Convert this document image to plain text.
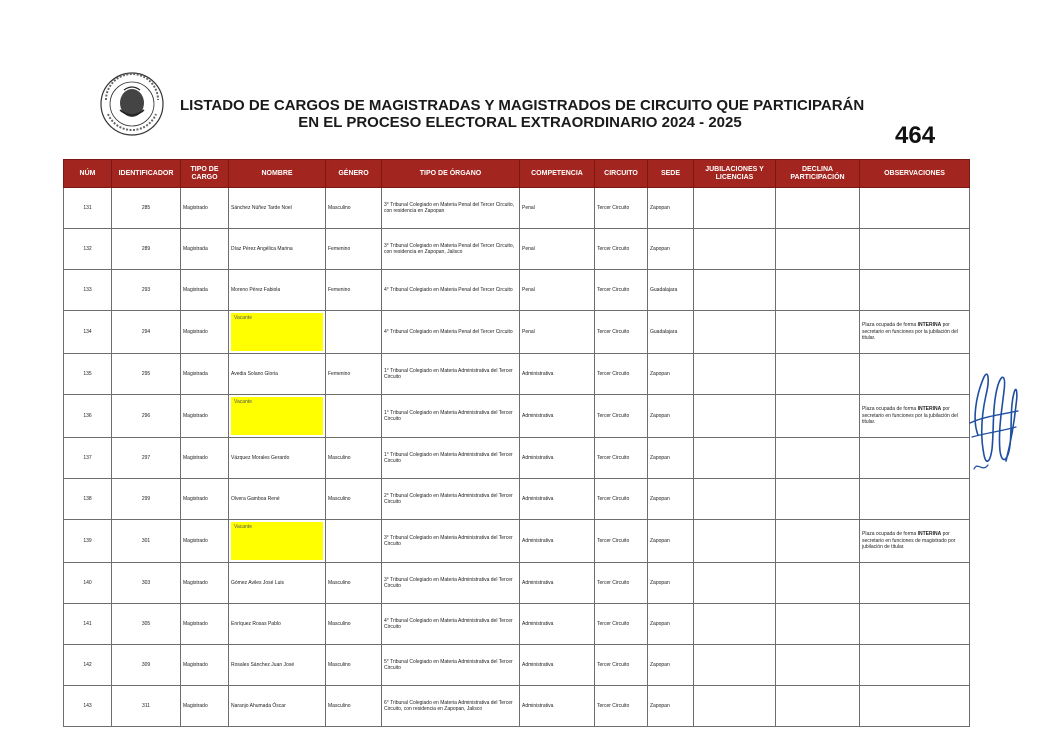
LISTADO DE CARGOS DE MAGISTRADAS Y MAGISTRADOS DE CIRCUITO QUE PARTICIPARÁN
EN EL PROCESO ELECTORAL EXTRAORDINARIO 2024 - 2025	464
NÚM	IDENTIFICADOR	TIPO DE CARGO	NOMBRE	GÉNERO	TIPO DE ÓRGANO	COMPETENCIA	CIRCUITO	SEDE	JUBILACIONES Y LICENCIAS	DECLINA PARTICIPACIÓN	OBSERVACIONES
131	285	Magistrado	Sánchez Núñez Tarde Noel	Masculino	3° Tribunal Colegiado en Materia Penal del Tercer Circuito, con residencia en Zapopan	Penal	Tercer Circuito	Zapopan			
132	289	Magistrada	Díaz Pérez Angélica Marina	Femenino	3° Tribunal Colegiado en Materia Penal del Tercer Circuito, con residencia en Zapopan, Jalisco	Penal	Tercer Circuito	Zapopan			
133	293	Magistrada	Moreno Pérez Fabiola	Femenino	4° Tribunal Colegiado en Materia Penal del Tercer Circuito	Penal	Tercer Circuito	Guadalajara			
134	294	Magistrado	Vacante		4° Tribunal Colegiado en Materia Penal del Tercer Circuito	Penal	Tercer Circuito	Guadalajara			Plaza ocupada de forma INTERINA por secretario en funciones por la jubilación del titular.
135	295	Magistrada	Avedia Solano Gloria	Femenino	1° Tribunal Colegiado en Materia Administrativa del Tercer Circuito	Administrativa	Tercer Circuito	Zapopan			
136	296	Magistrado	Vacante		1° Tribunal Colegiado en Materia Administrativa del Tercer Circuito	Administrativa	Tercer Circuito	Zapopan			Plaza ocupada de forma INTERINA por secretario en funciones por la jubilación del titular.
137	297	Magistrado	Vázquez Morales Gerardo	Masculino	1° Tribunal Colegiado en Materia Administrativa del Tercer Circuito	Administrativa	Tercer Circuito	Zapopan			
138	299	Magistrado	Olvera Gamboa René	Masculino	2° Tribunal Colegiado en Materia Administrativa del Tercer Circuito	Administrativa	Tercer Circuito	Zapopan			
139	301	Magistrado	Vacante		3° Tribunal Colegiado en Materia Administrativa del Tercer Circuito	Administrativa	Tercer Circuito	Zapopan			Plaza ocupada de forma INTERINA por secretario en funciones de magistrado por jubilación de titular.
140	303	Magistrado	Gómez Aviles José Luis	Masculino	3° Tribunal Colegiado en Materia Administrativa del Tercer Circuito	Administrativa	Tercer Circuito	Zapopan			
141	305	Magistrado	Enríquez Rosas Pablo	Masculino	4° Tribunal Colegiado en Materia Administrativa del Tercer Circuito	Administrativa	Tercer Circuito	Zapopan			
142	309	Magistrado	Rosales Sánchez Juan José	Masculino	5° Tribunal Colegiado en Materia Administrativa del Tercer Circuito	Administrativa	Tercer Circuito	Zapopan			
143	311	Magistrado	Naranjo Ahumada Óscar	Masculino	6° Tribunal Colegiado en Materia Administrativa del Tercer Circuito, con residencia en Zapopan, Jalisco	Administrativa	Tercer Circuito	Zapopan			
